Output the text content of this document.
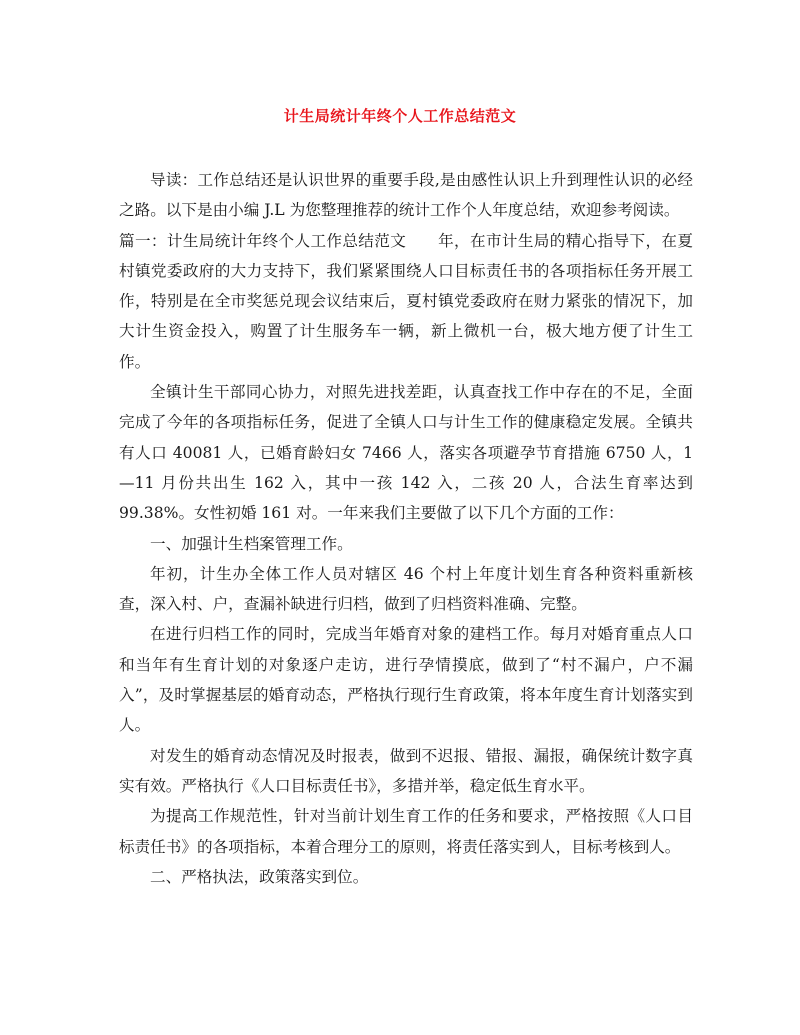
计生局统计年终个人工作总结范文

导读：工作总结还是认识世界的重要手段,是由感性认识上升到理性认识的必经之路。以下是由小编 J.L 为您整理推荐的统计工作个人年度总结，欢迎参考阅读。

篇一：计生局统计年终个人工作总结范文　　年，在市计生局的精心指导下，在夏村镇党委政府的大力支持下，我们紧紧围绕人口目标责任书的各项指标任务开展工作，特别是在全市奖惩兑现会议结束后，夏村镇党委政府在财力紧张的情况下，加大计生资金投入，购置了计生服务车一辆，新上微机一台，极大地方便了计生工作。

全镇计生干部同心协力，对照先进找差距，认真查找工作中存在的不足，全面完成了今年的各项指标任务，促进了全镇人口与计生工作的健康稳定发展。全镇共有人口 40081 人，已婚育龄妇女 7466 人，落实各项避孕节育措施 6750 人，1—11 月份共出生 162 入，其中一孩 142 入，二孩 20 人，合法生育率达到 99.38%。女性初婚 161 对。一年来我们主要做了以下几个方面的工作：

一、加强计生档案管理工作。

年初，计生办全体工作人员对辖区 46 个村上年度计划生育各种资料重新核查，深入村、户，查漏补缺进行归档，做到了归档资料准确、完整。

在进行归档工作的同时，完成当年婚育对象的建档工作。每月对婚育重点人口和当年有生育计划的对象逐户走访，进行孕情摸底，做到了“村不漏户，户不漏入”，及时掌握基层的婚育动态，严格执行现行生育政策，将本年度生育计划落实到人。

对发生的婚育动态情况及时报表，做到不迟报、错报、漏报，确保统计数字真实有效。严格执行《人口目标责任书》，多措并举，稳定低生育水平。

为提高工作规范性，针对当前计划生育工作的任务和要求，严格按照《人口目标责任书》的各项指标，本着合理分工的原则，将责任落实到人，目标考核到人。

二、严格执法，政策落实到位。
